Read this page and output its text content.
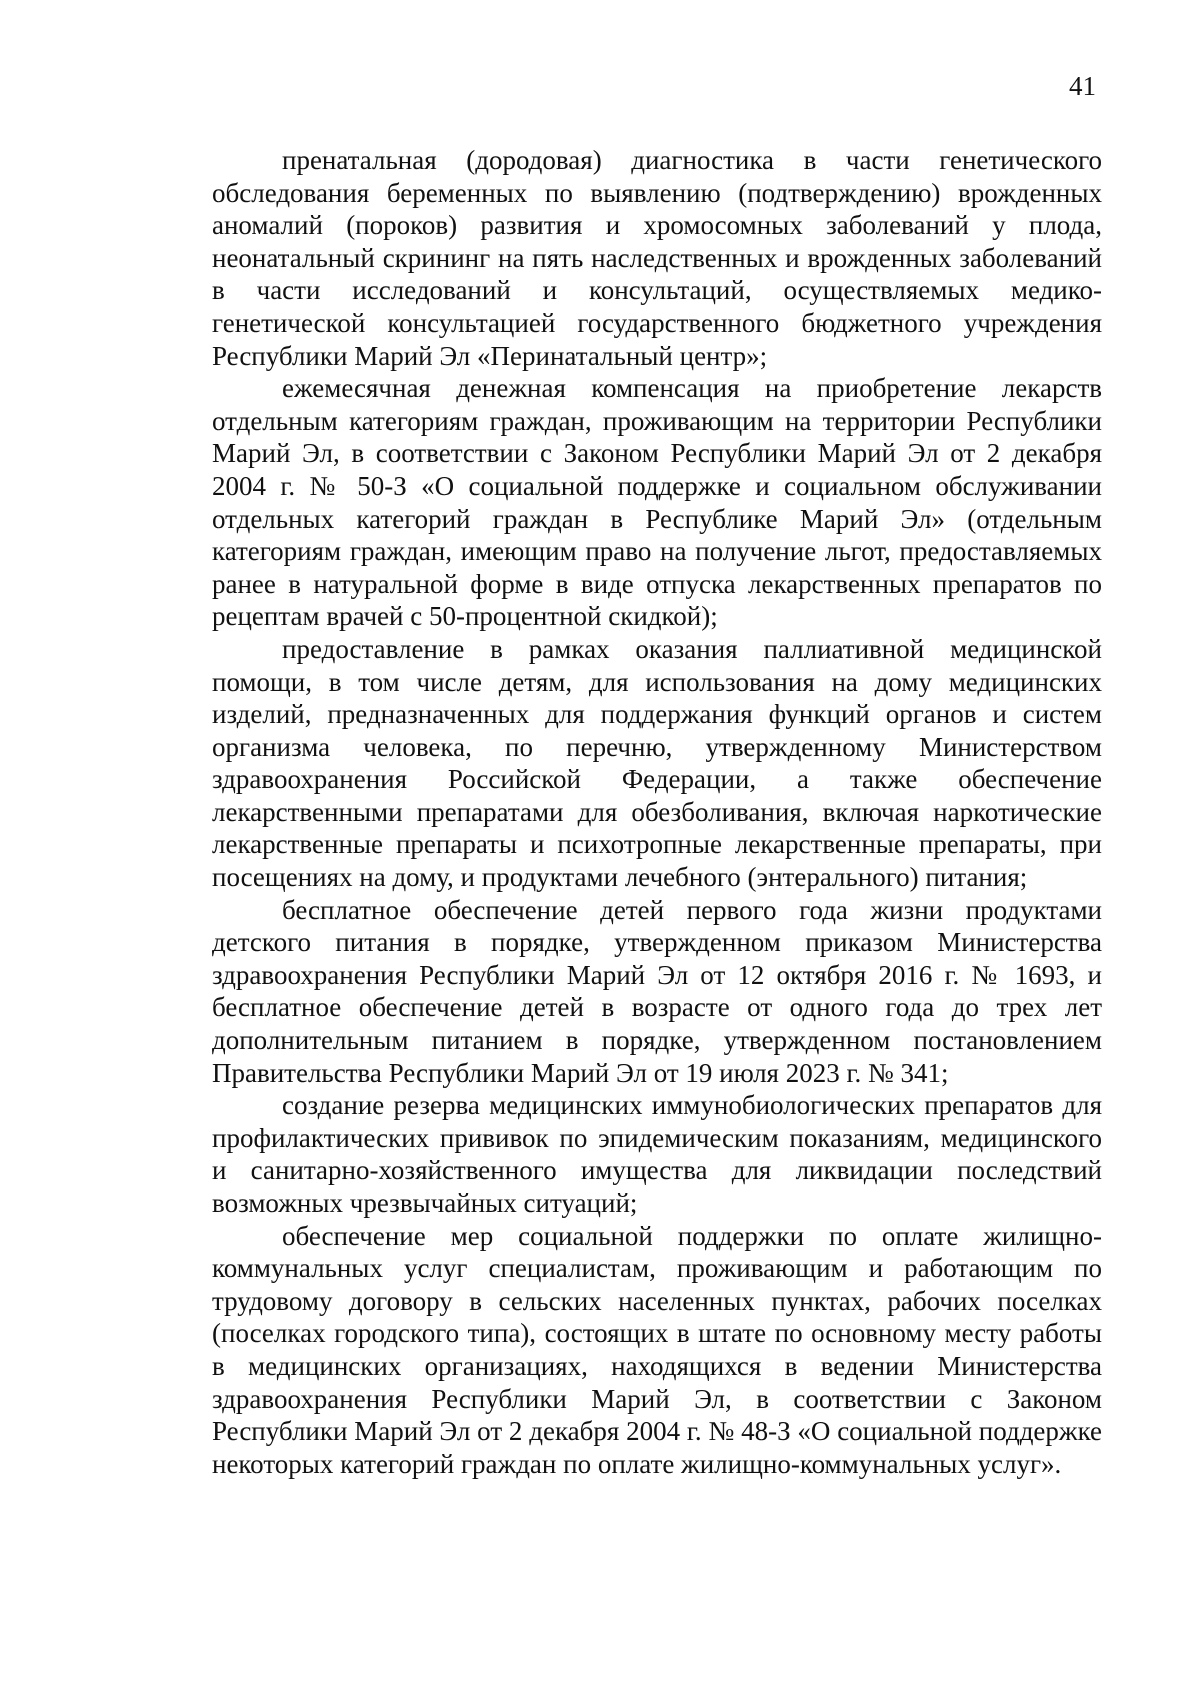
41

пренатальная (дородовая) диагностика в части генетического обследования беременных по выявлению (подтверждению) врожденных аномалий (пороков) развития и хромосомных заболеваний у плода, неонатальный скрининг на пять наследственных и врожденных заболеваний в части исследований и консультаций, осуществляемых медико-генетической консультацией государственного бюджетного учреждения Республики Марий Эл «Перинатальный центр»;

ежемесячная денежная компенсация на приобретение лекарств отдельным категориям граждан, проживающим на территории Республики Марий Эл, в соответствии с Законом Республики Марий Эл от 2 декабря 2004 г. № 50-З «О социальной поддержке и социальном обслуживании отдельных категорий граждан в Республике Марий Эл» (отдельным категориям граждан, имеющим право на получение льгот, предоставляемых ранее в натуральной форме в виде отпуска лекарственных препаратов по рецептам врачей с 50-процентной скидкой);

предоставление в рамках оказания паллиативной медицинской помощи, в том числе детям, для использования на дому медицинских изделий, предназначенных для поддержания функций органов и систем организма человека, по перечню, утвержденному Министерством здравоохранения Российской Федерации, а также обеспечение лекарственными препаратами для обезболивания, включая наркотические лекарственные препараты и психотропные лекарственные препараты, при посещениях на дому, и продуктами лечебного (энтерального) питания;

бесплатное обеспечение детей первого года жизни продуктами детского питания в порядке, утвержденном приказом Министерства здравоохранения Республики Марий Эл от 12 октября 2016 г. № 1693, и бесплатное обеспечение детей в возрасте от одного года до трех лет дополнительным питанием в порядке, утвержденном постановлением Правительства Республики Марий Эл от 19 июля 2023 г. № 341;

создание резерва медицинских иммунобиологических препаратов для профилактических прививок по эпидемическим показаниям, медицинского и санитарно-хозяйственного имущества для ликвидации последствий возможных чрезвычайных ситуаций;

обеспечение мер социальной поддержки по оплате жилищно-коммунальных услуг специалистам, проживающим и работающим по трудовому договору в сельских населенных пунктах, рабочих поселках (поселках городского типа), состоящих в штате по основному месту работы в медицинских организациях, находящихся в ведении Министерства здравоохранения Республики Марий Эл, в соответствии с Законом Республики Марий Эл от 2 декабря 2004 г. № 48-З «О социальной поддержке некоторых категорий граждан по оплате жилищно-коммунальных услуг».
